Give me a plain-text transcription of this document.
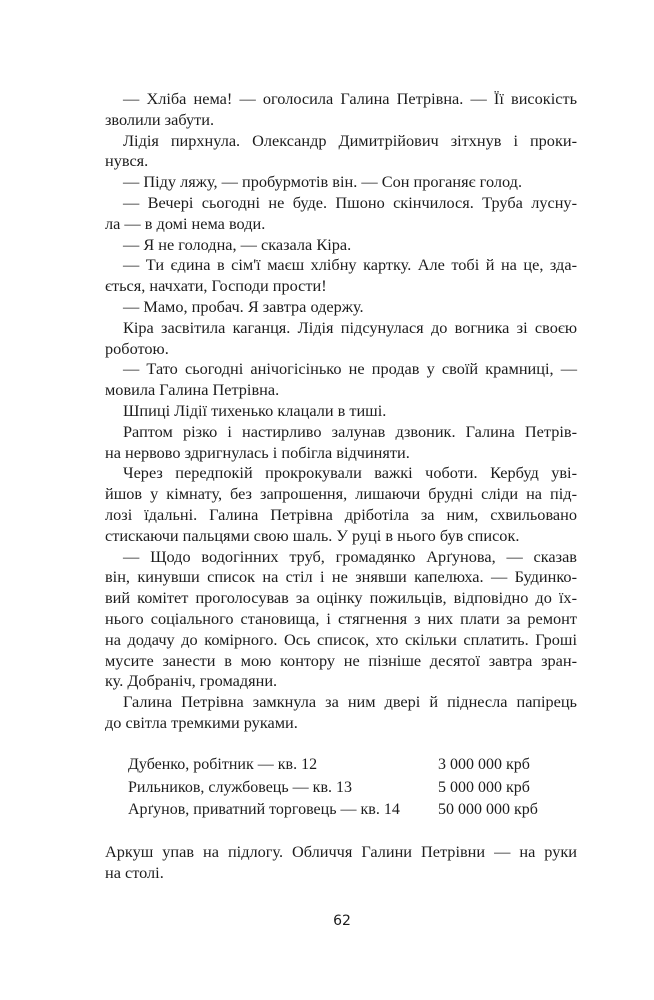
— Хліба нема! — оголосила Галина Петрівна. — Її високість
зволили забути.
Лідія пирхнула. Олександр Димитрійович зітхнув і проки-
нувся.
— Піду ляжу, — пробурмотів він. — Сон проганяє голод.
— Вечері сьогодні не буде. Пшоно скінчилося. Труба лусну-
ла — в домі нема води.
— Я не голодна, — сказала Кіра.
— Ти єдина в сім'ї маєш хлібну картку. Але тобі й на це, зда-
ється, начхати, Господи прости!
— Мамо, пробач. Я завтра одержу.
Кіра засвітила каганця. Лідія підсунулася до вогника зі своєю
роботою.
— Тато сьогодні анічогісінько не продав у своїй крамниці, —
мовила Галина Петрівна.
Шпиці Лідії тихенько клацали в тиші.
Раптом різко і настирливо залунав дзвоник. Галина Петрів-
на нервово здригнулась і побігла відчиняти.
Через передпокій прокрокували важкі чоботи. Кербуд уві-
йшов у кімнату, без запрошення, лишаючи брудні сліди на під-
лозі їдальні. Галина Петрівна дріботіла за ним, схвильовано
стискаючи пальцями свою шаль. У руці в нього був список.
— Щодо водогінних труб, громадянко Арґунова, — сказав
він, кинувши список на стіл і не знявши капелюха. — Будинко-
вий комітет проголосував за оцінку пожильців, відповідно до їх-
нього соціального становища, і стягнення з них плати за ремонт
на додачу до комірного. Ось список, хто скільки сплатить. Гроші
мусите занести в мою контору не пізніше десятої завтра зран-
ку. Добраніч, громадяни.
Галина Петрівна замкнула за ним двері й піднесла папірець
до світла тремкими руками.
Дубенко, робітник — кв. 12	3 000 000 крб
Рильников, службовець — кв. 13	5 000 000 крб
Арґунов, приватний торговець — кв. 14 50 000 000 крб
Аркуш упав на підлогу. Обличчя Галини Петрівни — на руки
на столі.
62
